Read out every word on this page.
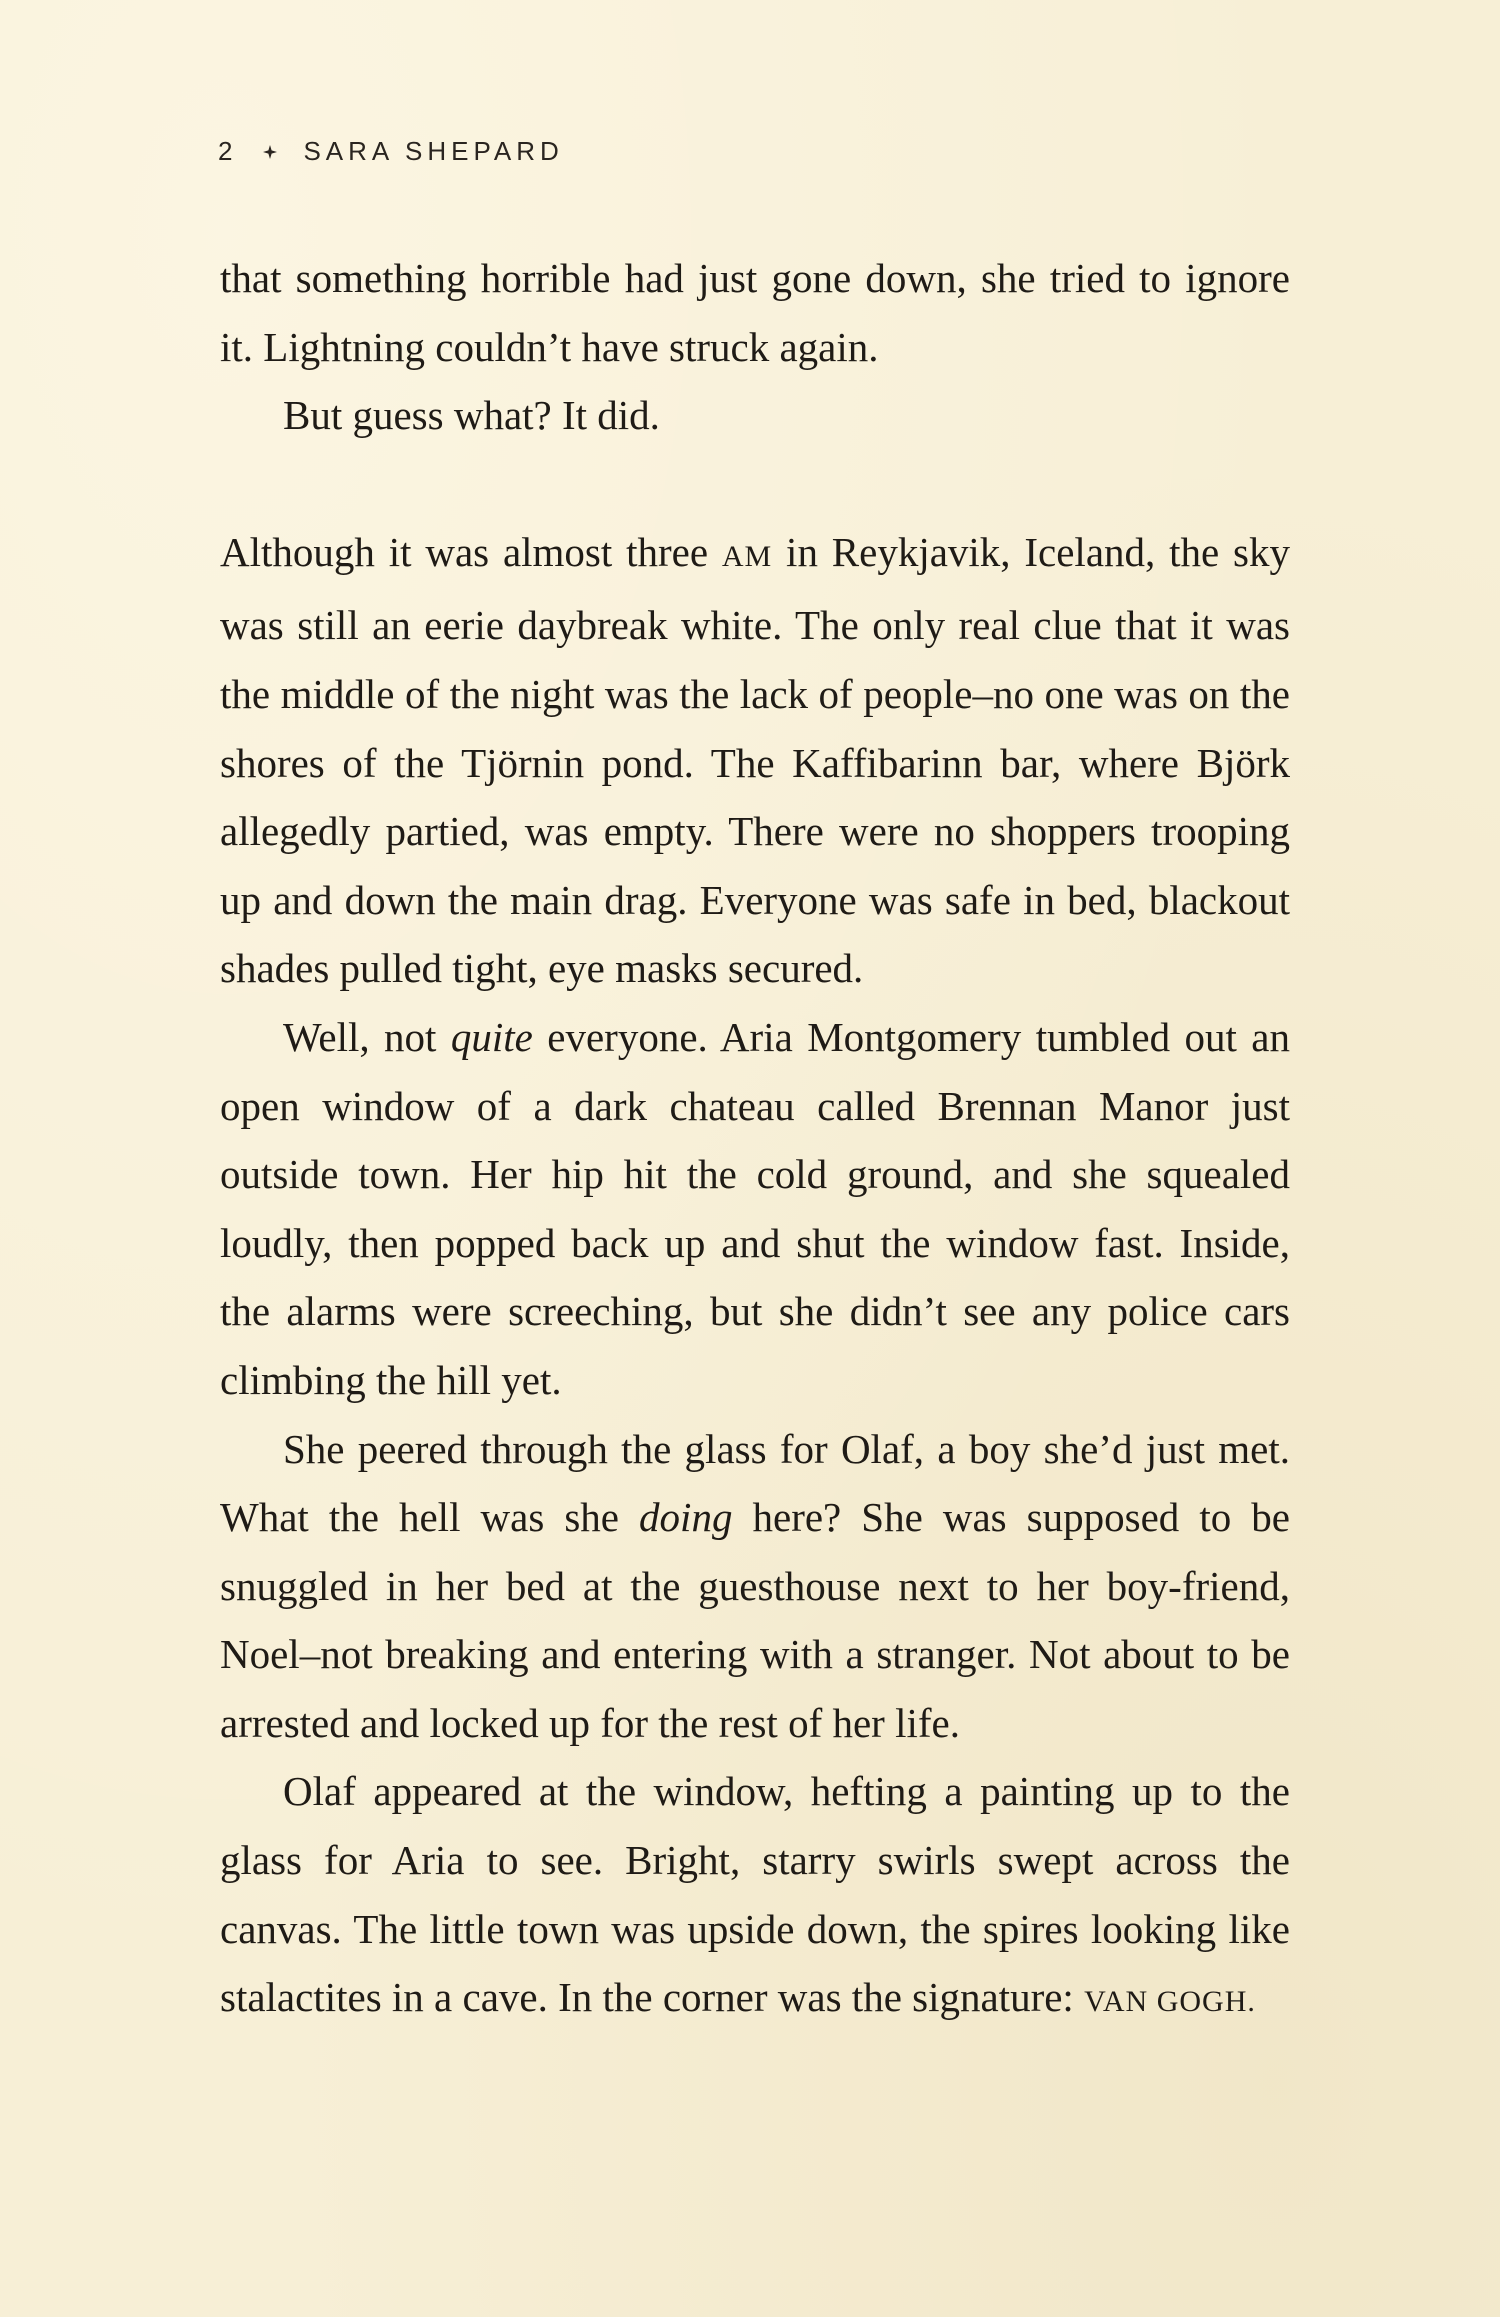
2	SARA SHEPARD

that something horrible had just gone down, she tried to ignore it. Lightning couldn’t have struck again.

But guess what? It did.

Although it was almost three AM in Reykjavik, Iceland, the sky was still an eerie daybreak white. The only real clue that it was the middle of the night was the lack of people–no one was on the shores of the Tjörnin pond. The Kaffibarinn bar, where Björk allegedly partied, was empty. There were no shoppers trooping up and down the main drag. Everyone was safe in bed, blackout shades pulled tight, eye masks secured.

Well, not quite everyone. Aria Montgomery tumbled out an open window of a dark chateau called Brennan Manor just outside town. Her hip hit the cold ground, and she squealed loudly, then popped back up and shut the window fast. Inside, the alarms were screeching, but she didn’t see any police cars climbing the hill yet.

She peered through the glass for Olaf, a boy she’d just met. What the hell was she doing here? She was supposed to be snuggled in her bed at the guesthouse next to her boy-friend, Noel–not breaking and entering with a stranger. Not about to be arrested and locked up for the rest of her life.

Olaf appeared at the window, hefting a painting up to the glass for Aria to see. Bright, starry swirls swept across the canvas. The little town was upside down, the spires looking like stalactites in a cave. In the corner was the signature: VAN GOGH.
